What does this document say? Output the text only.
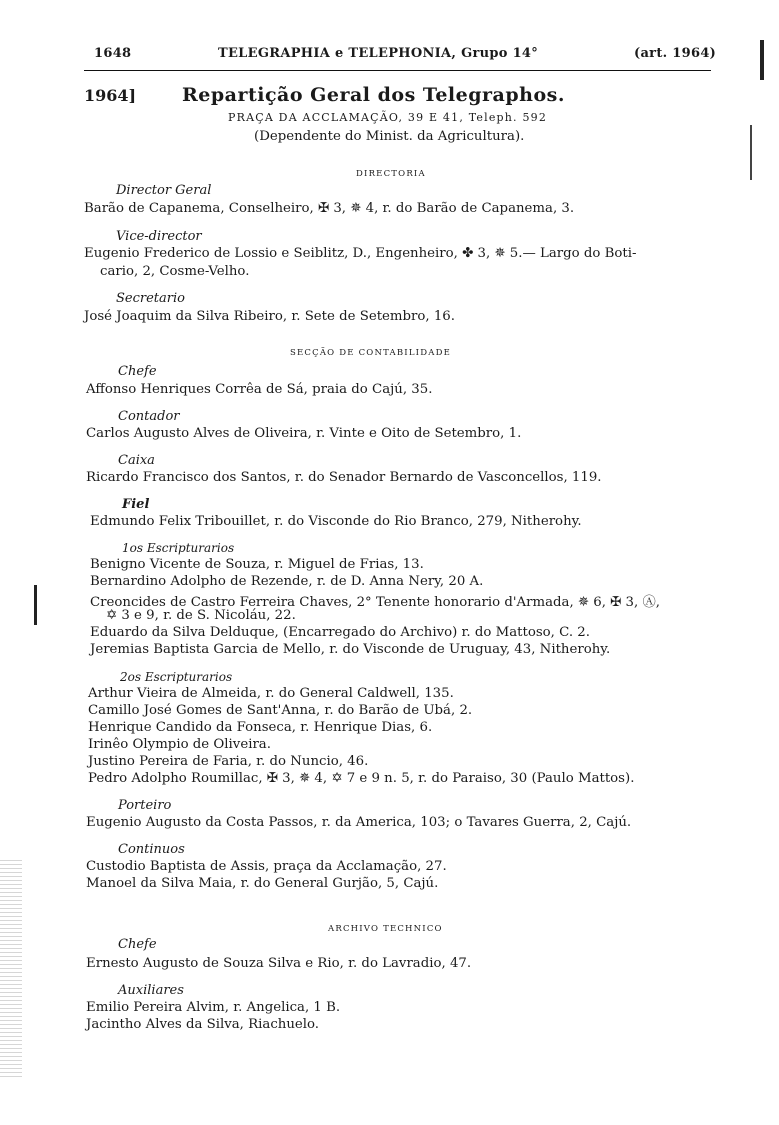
1648	TELEGRAPHIA e TELEPHONIA, Grupo 14°	(art. 1964)
1964] Repartição Geral dos Telegraphos.
PRAÇA DA ACCLAMAÇÃO, 39 E 41, Teleph. 592
(Dependente do Minist. da Agricultura).
DIRECTORIA
Director Geral
Barão de Capanema, Conselheiro, ✠ 3, ✵ 4, r. do Barão de Capanema, 3.
Vice-director
Eugenio Frederico de Lossio e Seiblitz, D., Engenheiro, ✤ 3, ✵ 5.— Largo do Boti-
cario, 2, Cosme-Velho.
Secretario
José Joaquim da Silva Ribeiro, r. Sete de Setembro, 16.
SECÇÃO DE CONTABILIDADE
Chefe
Affonso Henriques Corrêa de Sá, praia do Cajú, 35.
Contador
Carlos Augusto Alves de Oliveira, r. Vinte e Oito de Setembro, 1.
Caixa
Ricardo Francisco dos Santos, r. do Senador Bernardo de Vasconcellos, 119.
Fiel
Edmundo Felix Tribouillet, r. do Visconde do Rio Branco, 279, Nitherohy.
1os Escripturarios
Benigno Vicente de Souza, r. Miguel de Frias, 13.
Bernardino Adolpho de Rezende, r. de D. Anna Nery, 20 A.
Creoncides de Castro Ferreira Chaves, 2° Tenente honorario d'Armada, ✵ 6, ✠ 3, Ⓐ,
✡ 3 e 9, r. de S. Nicoláu, 22.
Eduardo da Silva Delduque, (Encarregado do Archivo) r. do Mattoso, C. 2.
Jeremias Baptista Garcia de Mello, r. do Visconde de Uruguay, 43, Nitherohy.
2os Escripturarios
Arthur Vieira de Almeida, r. do General Caldwell, 135.
Camillo José Gomes de Sant'Anna, r. do Barão de Ubá, 2.
Henrique Candido da Fonseca, r. Henrique Dias, 6.
Irinêo Olympio de Oliveira.
Justino Pereira de Faria, r. do Nuncio, 46.
Pedro Adolpho Roumillac, ✠ 3, ✵ 4, ✡ 7 e 9 n. 5, r. do Paraiso, 30 (Paulo Mattos).
Porteiro
Eugenio Augusto da Costa Passos, r. da America, 103; o Tavares Guerra, 2, Cajú.
Continuos
Custodio Baptista de Assis, praça da Acclamação, 27.
Manoel da Silva Maia, r. do General Gurjão, 5, Cajú.
ARCHIVO TECHNICO
Chefe
Ernesto Augusto de Souza Silva e Rio, r. do Lavradio, 47.
Auxiliares
Emilio Pereira Alvim, r. Angelica, 1 B.
Jacintho Alves da Silva, Riachuelo.
